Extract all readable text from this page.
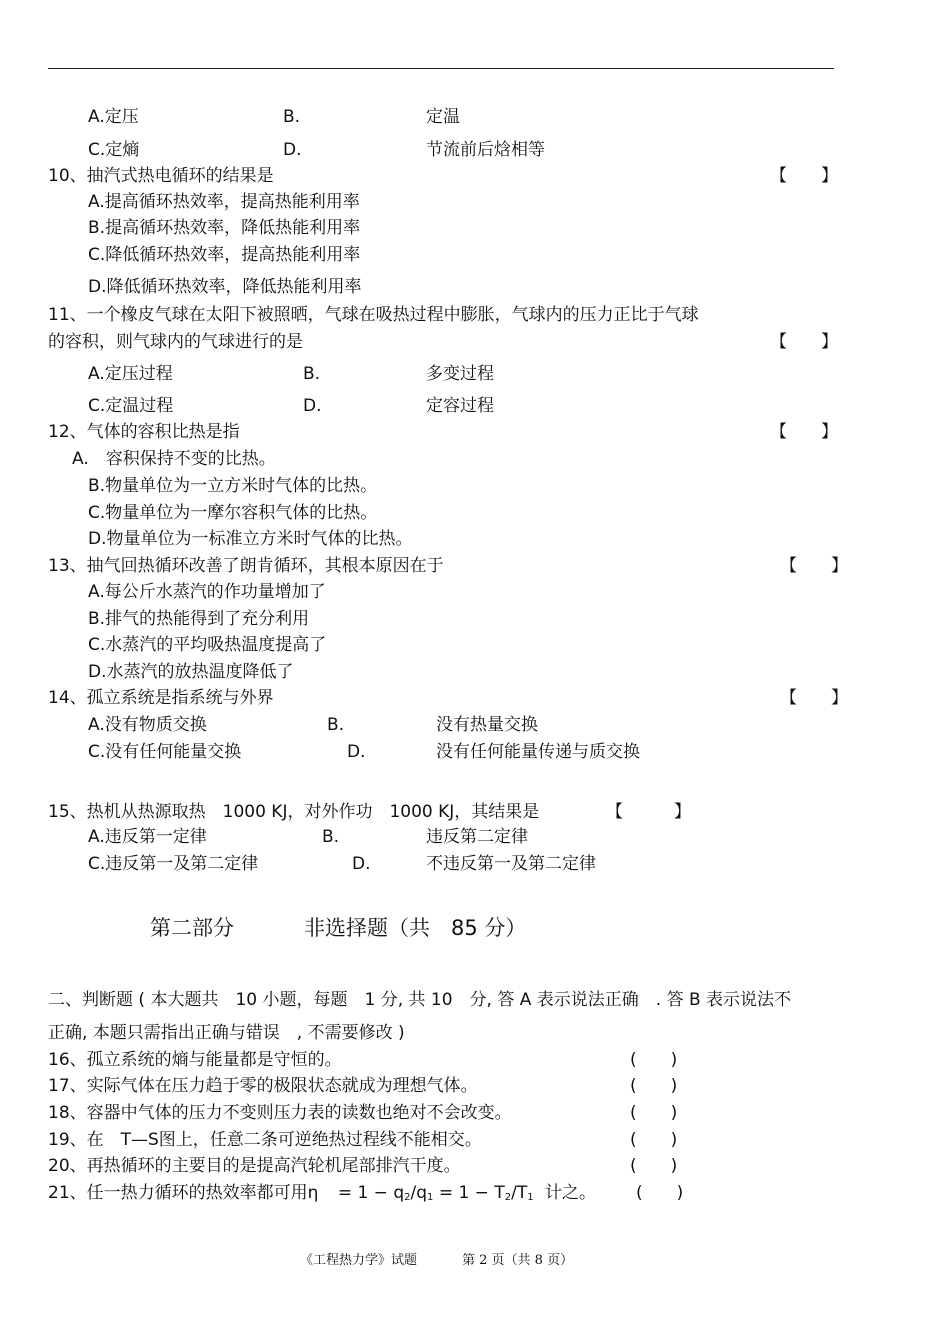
A.定压	B.	定温
C.定熵	D.	节流前后焓相等
10、抽汽式热电循环的结果是	【　　】
A.提高循环热效率，提高热能利用率
B.提高循环热效率，降低热能利用率
C.降低循环热效率，提高热能利用率
D.降低循环热效率，降低热能利用率
11、一个橡皮气球在太阳下被照晒，气球在吸热过程中膨胀，气球内的压力正比于气球
的容积，则气球内的气球进行的是	【　　】
A.定压过程	B.	多变过程
C.定温过程	D.	定容过程
12、气体的容积比热是指	【　　】
A.　容积保持不变的比热。
B.物量单位为一立方米时气体的比热。
C.物量单位为一摩尔容积气体的比热。
D.物量单位为一标准立方米时气体的比热。
13、抽气回热循环改善了朗肯循环，其根本原因在于	【　　】
A.每公斤水蒸汽的作功量增加了
B.排气的热能得到了充分利用
C.水蒸汽的平均吸热温度提高了
D.水蒸汽的放热温度降低了
14、孤立系统是指系统与外界	【　　】
A.没有物质交换	B.	没有热量交换
C.没有任何能量交换	D.	没有任何能量传递与质交换
15、热机从热源取热　1000 KJ，对外作功　1000 KJ，其结果是	【　　　】
A.违反第一定律	B.	违反第二定律
C.违反第一及第二定律	D.	不违反第一及第二定律
第二部分	非选择题（共　85 分）
二、判断题 ( 本大题共　10 小题，每题　1 分, 共 10　分, 答 A 表示说法正确　. 答 B 表示说法不
正确, 本题只需指出正确与错误　, 不需要修改 )
16、孤立系统的熵与能量都是守恒的。	(　　)
17、实际气体在压力趋于零的极限状态就成为理想气体。	(　　)
18、容器中气体的压力不变则压力表的读数也绝对不会改变。	(　　)
19、在　T—S图上，任意二条可逆绝热过程线不能相交。	(　　)
20、再热循环的主要目的是提高汽轮机尾部排汽干度。	(　　)
21、任一热力循环的热效率都可用$\eta = 1 - q_2/q_1 = 1 - T_2/T_1$ 计之。 (　　)
《工程热力学》试题	第 2 页（共 8 页）
